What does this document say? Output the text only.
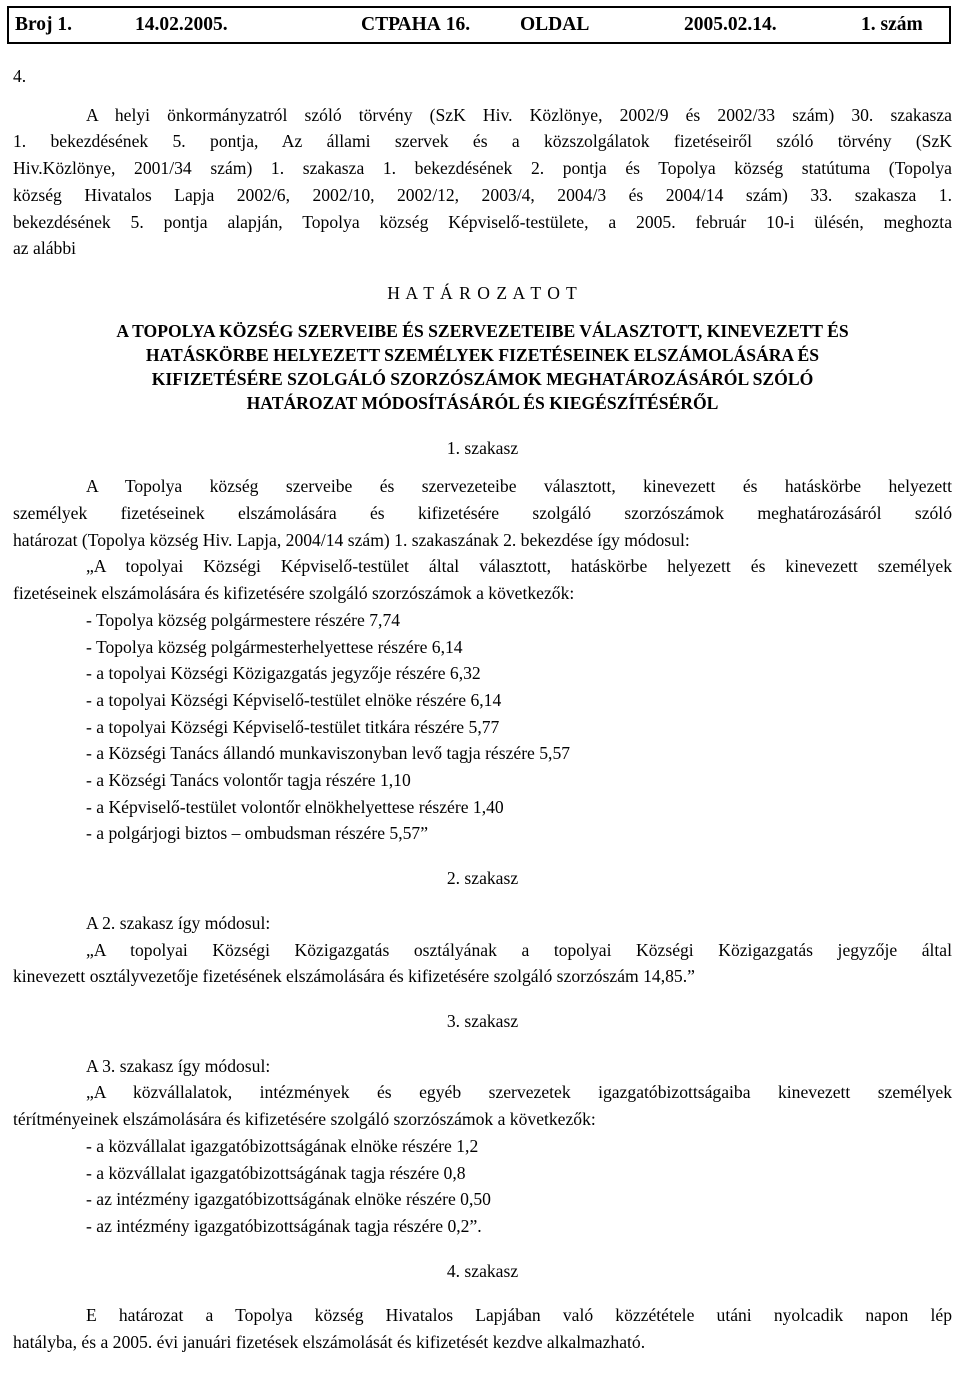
Broj 1.	14.02.2005.	СТРАНА 16.	OLDAL	2005.02.14.	1. szám

4.

A helyi önkormányzatról szóló törvény (SzK Hiv. Közlönye, 2002/9 és 2002/33 szám) 30. szakasza

1. bekezdésének 5. pontja, Az állami szervek és a közszolgálatok fizetéseiről szóló törvény (SzK

Hiv.Közlönye, 2001/34 szám) 1. szakasza 1. bekezdésének 2. pontja és Topolya község statútuma (Topolya

község Hivatalos Lapja 2002/6, 2002/10, 2002/12, 2003/4, 2004/3 és 2004/14 szám) 33. szakasza 1.

bekezdésének 5. pontja alapján, Topolya község Képviselő-testülete, a 2005. február 10-i ülésén, meghozta

az alábbi

H A T Á R O Z A T O T

A TOPOLYA KÖZSÉG SZERVEIBE ÉS SZERVEZETEIBE VÁLASZTOTT, KINEVEZETT ÉS

HATÁSKÖRBE HELYEZETT SZEMÉLYEK FIZETÉSEINEK ELSZÁMOLÁSÁRA ÉS

KIFIZETÉSÉRE SZOLGÁLÓ SZORZÓSZÁMOK MEGHATÁROZÁSÁRÓL SZÓLÓ

HATÁROZAT MÓDOSÍTÁSÁRÓL ÉS KIEGÉSZÍTÉSÉRŐL

1. szakasz

A Topolya község szerveibe és szervezeteibe választott, kinevezett és hatáskörbe helyezett

személyek fizetéseinek elszámolására és kifizetésére szolgáló szorzószámok meghatározásáról szóló

határozat (Topolya község Hiv. Lapja, 2004/14 szám) 1. szakaszának 2. bekezdése így módosul:

„A topolyai Községi Képviselő-testület által választott, hatáskörbe helyezett és kinevezett személyek

fizetéseinek elszámolására és kifizetésére szolgáló szorzószámok a következők:

- Topolya község polgármestere részére 7,74

- Topolya község polgármesterhelyettese részére 6,14

- a topolyai Községi Közigazgatás jegyzője részére 6,32

- a topolyai Községi Képviselő-testület elnöke részére 6,14

- a topolyai Községi Képviselő-testület titkára részére 5,77

- a Községi Tanács állandó munkaviszonyban levő tagja részére 5,57

- a Községi Tanács volontőr tagja részére 1,10

- a Képviselő-testület volontőr elnökhelyettese részére 1,40

- a polgárjogi biztos – ombudsman részére 5,57”

2. szakasz

A 2. szakasz így módosul:

„A topolyai Községi Közigazgatás osztályának a topolyai Községi Közigazgatás jegyzője által

kinevezett osztályvezetője fizetésének elszámolására és kifizetésére szolgáló szorzószám 14,85.”

3. szakasz

A 3. szakasz így módosul:

„A közvállalatok, intézmények és egyéb szervezetek igazgatóbizottságaiba kinevezett személyek

térítményeinek elszámolására és kifizetésére szolgáló szorzószámok a következők:

- a közvállalat igazgatóbizottságának elnöke részére 1,2

- a közvállalat igazgatóbizottságának tagja részére 0,8

- az intézmény igazgatóbizottságának elnöke részére 0,50

- az intézmény igazgatóbizottságának tagja részére 0,2”.

4. szakasz

E határozat a Topolya község Hivatalos Lapjában való közzététele utáni nyolcadik napon lép

hatályba, és a 2005. évi januári fizetések elszámolását és kifizetését kezdve alkalmazható.
